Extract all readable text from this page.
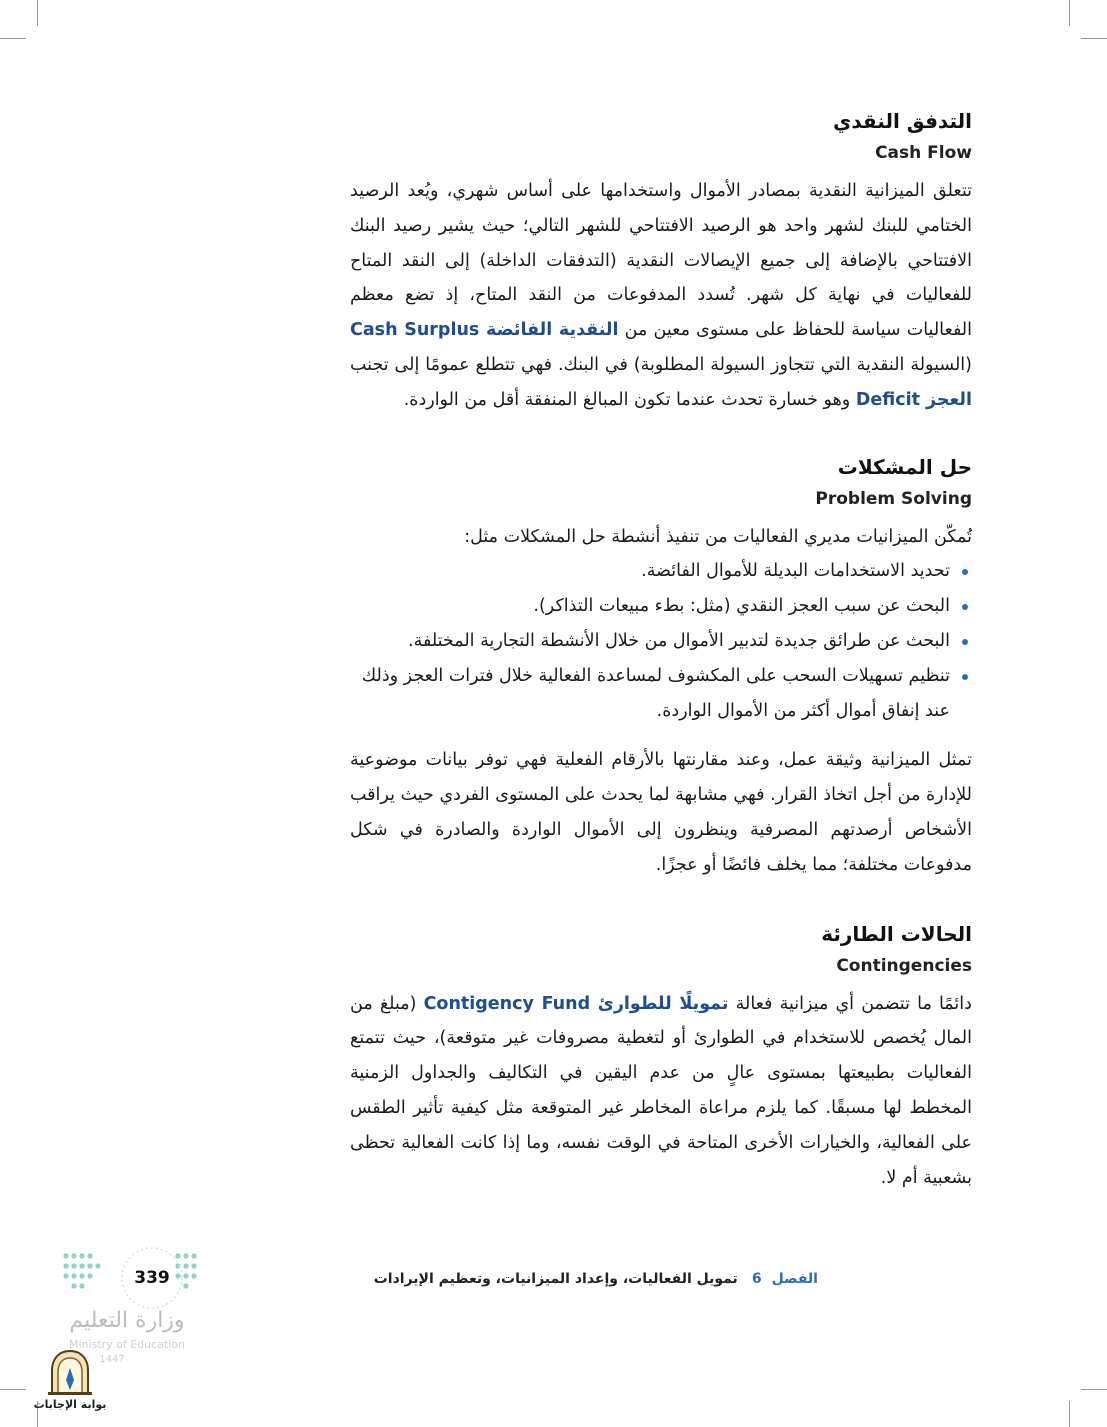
التدفق النقدي
Cash Flow

تتعلق الميزانية النقدية بمصادر الأموال واستخدامها على أساس شهري، ويُعد الرصيد الختامي للبنك لشهر واحد هو الرصيد الافتتاحي للشهر التالي؛ حيث يشير رصيد البنك الافتتاحي بالإضافة إلى جميع الإيصالات النقدية (التدفقات الداخلة) إلى النقد المتاح للفعاليات في نهاية كل شهر. تُسدد المدفوعات من النقد المتاح، إذ تضع معظم الفعاليات سياسة للحفاظ على مستوى معين من النقدية الفائضة Cash Surplus (السيولة النقدية التي تتجاوز السيولة المطلوبة) في البنك. فهي تتطلع عمومًا إلى تجنب العجز Deficit وهو خسارة تحدث عندما تكون المبالغ المنفقة أقل من الواردة.

حل المشكلات
Problem Solving

تُمكّن الميزانيات مديري الفعاليات من تنفيذ أنشطة حل المشكلات مثل:

تحديد الاستخدامات البديلة للأموال الفائضة.
البحث عن سبب العجز النقدي (مثل: بطء مبيعات التذاكر).
البحث عن طرائق جديدة لتدبير الأموال من خلال الأنشطة التجارية المختلفة.
تنظيم تسهيلات السحب على المكشوف لمساعدة الفعالية خلال فترات العجز وذلك عند إنفاق أموال أكثر من الأموال الواردة.

تمثل الميزانية وثيقة عمل، وعند مقارنتها بالأرقام الفعلية فهي توفر بيانات موضوعية للإدارة من أجل اتخاذ القرار. فهي مشابهة لما يحدث على المستوى الفردي حيث يراقب الأشخاص أرصدتهم المصرفية وينظرون إلى الأموال الواردة والصادرة في شكل مدفوعات مختلفة؛ مما يخلف فائضًا أو عجزًا.

الحالات الطارئة
Contingencies

دائمًا ما تتضمن أي ميزانية فعالة تمويلًا للطوارئ Contigency Fund (مبلغ من المال يُخصص للاستخدام في الطوارئ أو لتغطية مصروفات غير متوقعة)، حيث تتمتع الفعاليات بطبيعتها بمستوى عالٍ من عدم اليقين في التكاليف والجداول الزمنية المخطط لها مسبقًا. كما يلزم مراعاة المخاطر غير المتوقعة مثل كيفية تأثير الطقس على الفعالية، والخيارات الأخرى المتاحة في الوقت نفسه، وما إذا كانت الفعالية تحظى بشعبية أم لا.

الفصل6تمويل الفعاليات، وإعداد الميزانيات، وتعظيم الإيرادات
339
وزارة التعليم
Ministry of Education
1447
بوابة الإجابات
